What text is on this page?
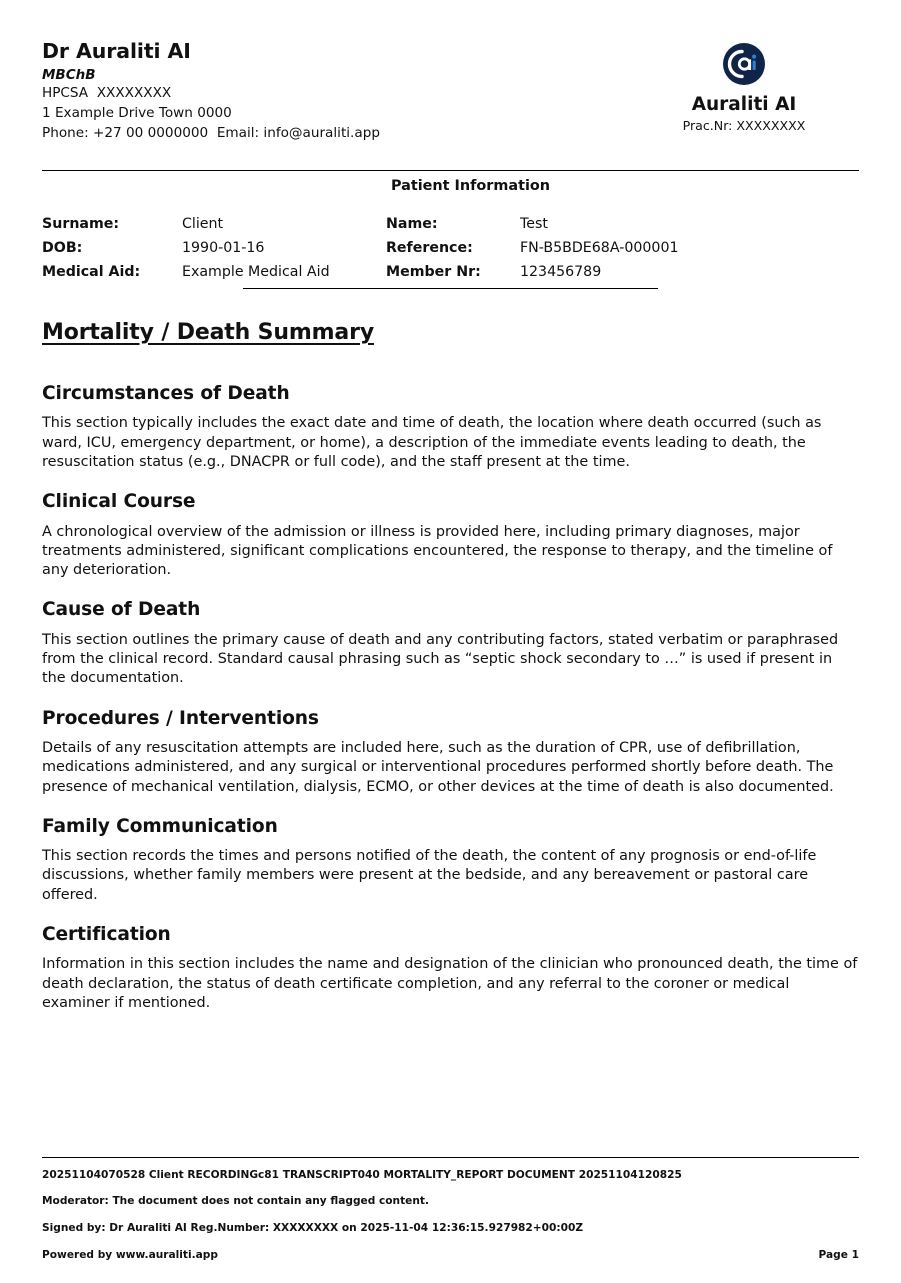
Dr Auraliti AI
MBChB
HPCSA  XXXXXXXX
1 Example Drive Town 0000
Phone: +27 00 0000000  Email: info@auraliti.app
Auraliti AI
Prac.Nr: XXXXXXXX
Patient Information
Surname:	Client	Name:	Test
DOB:	1990-01-16	Reference:	FN-B5BDE68A-000001
Medical Aid:	Example Medical Aid	Member Nr:	123456789
Mortality / Death Summary
Circumstances of Death

This section typically includes the exact date and time of death, the location where death occurred (such as ward, ICU, emergency department, or home), a description of the immediate events leading to death, the resuscitation status (e.g., DNACPR or full code), and the staff present at the time.

Clinical Course

A chronological overview of the admission or illness is provided here, including primary diagnoses, major treatments administered, significant complications encountered, the response to therapy, and the timeline of any deterioration.

Cause of Death

This section outlines the primary cause of death and any contributing factors, stated verbatim or paraphrased from the clinical record. Standard causal phrasing such as “septic shock secondary to …” is used if present in the documentation.

Procedures / Interventions

Details of any resuscitation attempts are included here, such as the duration of CPR, use of defibrillation, medications administered, and any surgical or interventional procedures performed shortly before death. The presence of mechanical ventilation, dialysis, ECMO, or other devices at the time of death is also documented.

Family Communication

This section records the times and persons notified of the death, the content of any prognosis or end-of-life discussions, whether family members were present at the bedside, and any bereavement or pastoral care offered.

Certification

Information in this section includes the name and designation of the clinician who pronounced death, the time of death declaration, the status of death certificate completion, and any referral to the coroner or medical examiner if mentioned.

20251104070528 Client RECORDINGc81 TRANSCRIPT040 MORTALITY_REPORT DOCUMENT 20251104120825
Moderator: The document does not contain any flagged content.
Signed by: Dr Auraliti AI Reg.Number: XXXXXXXX on 2025-11-04 12:36:15.927982+00:00Z
Powered by www.auraliti.app	Page 1
